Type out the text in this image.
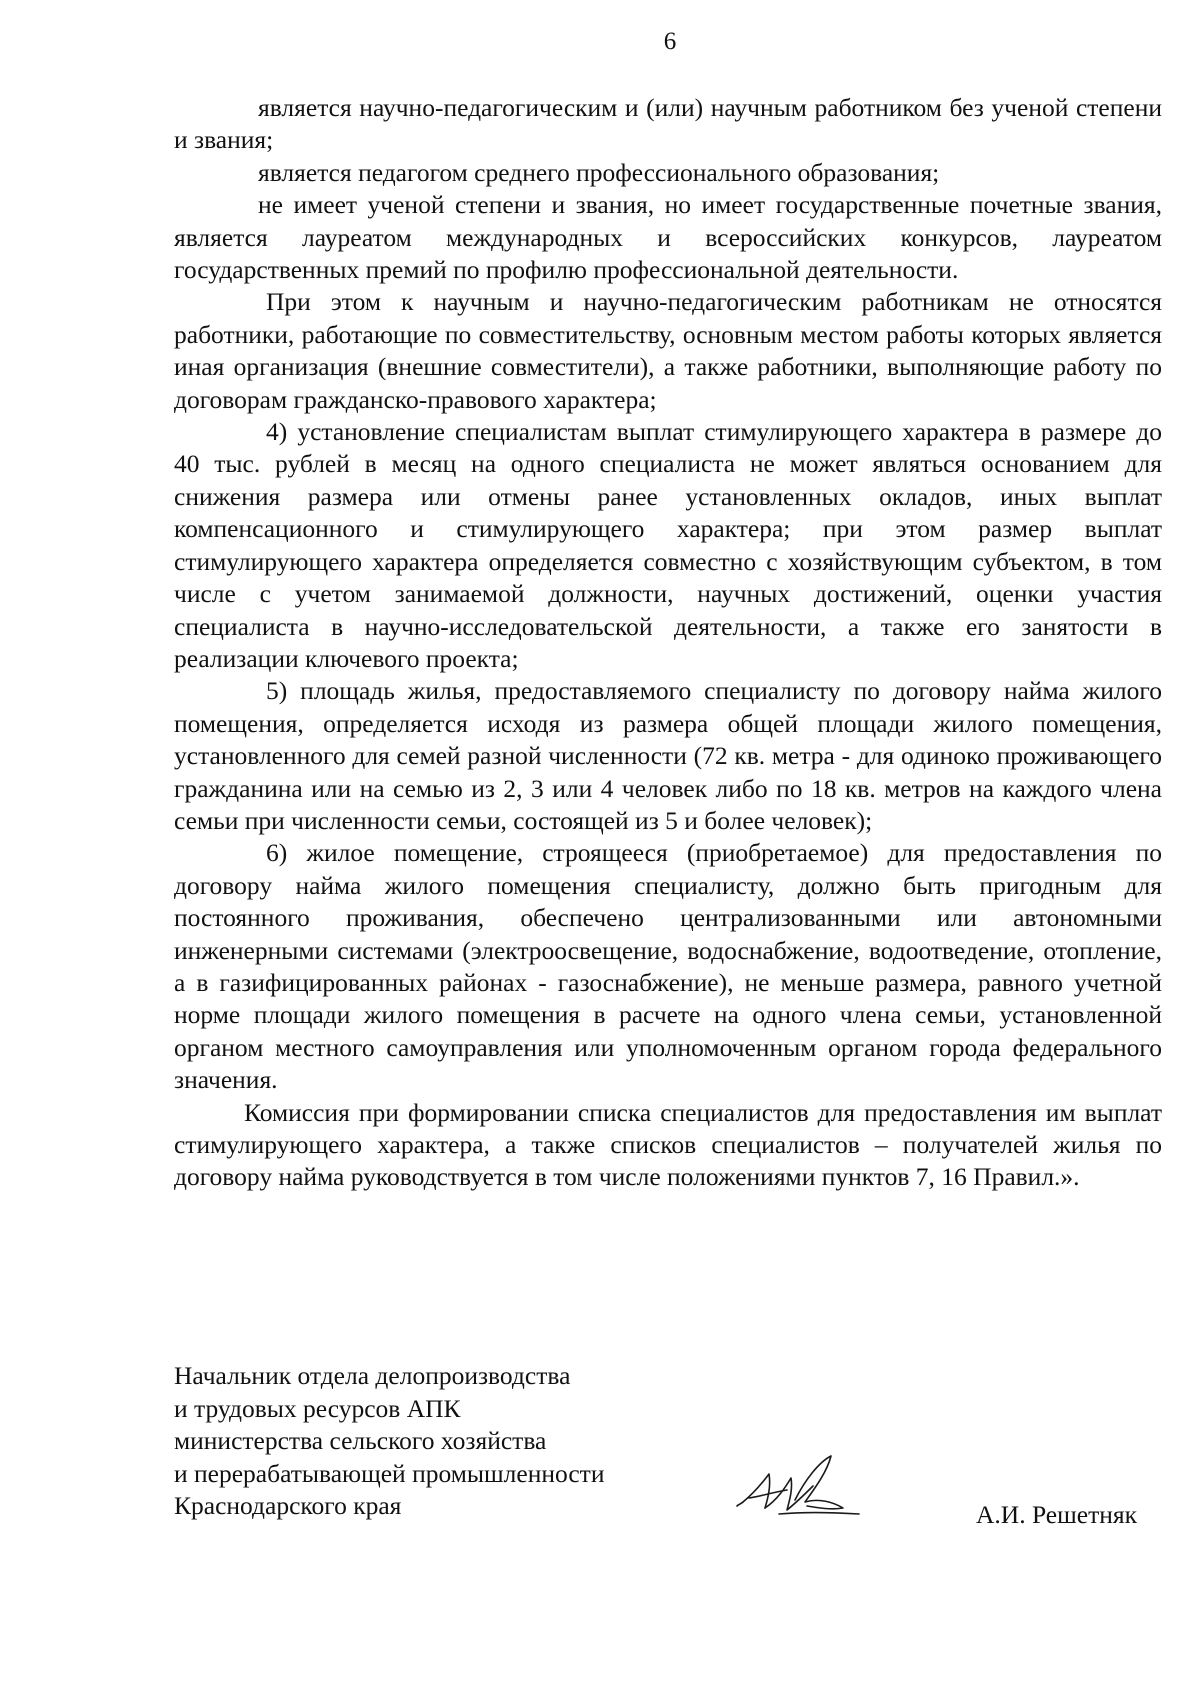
6

является научно-педагогическим и (или) научным работником без ученой степени и звания;

является педагогом среднего профессионального образования;

не имеет ученой степени и звания, но имеет государственные почетные звания, является лауреатом международных и всероссийских конкурсов, лауреатом государственных премий по профилю профессиональной деятельности.

При этом к научным и научно-педагогическим работникам не относятся работники, работающие по совместительству, основным местом работы которых является иная организация (внешние совместители), а также работники, выполняющие работу по договорам гражданско-правового характера;

4) установление специалистам выплат стимулирующего характера в размере до 40 тыс. рублей в месяц на одного специалиста не может являться основанием для снижения размера или отмены ранее установленных окладов, иных выплат компенсационного и стимулирующего характера; при этом размер выплат стимулирующего характера определяется совместно с хозяйствующим субъектом, в том числе с учетом занимаемой должности, научных достижений, оценки участия специалиста в научно-исследовательской деятельности, а также его занятости в реализации ключевого проекта;

5) площадь жилья, предоставляемого специалисту по договору найма жилого помещения, определяется исходя из размера общей площади жилого помещения, установленного для семей разной численности (72 кв. метра - для одиноко проживающего гражданина или на семью из 2, 3 или 4 человек либо по 18 кв. метров на каждого члена семьи при численности семьи, состоящей из 5 и более человек);

6) жилое помещение, строящееся (приобретаемое) для предоставления по договору найма жилого помещения специалисту, должно быть пригодным для постоянного проживания, обеспечено централизованными или автономными инженерными системами (электроосвещение, водоснабжение, водоотведение, отопление, а в газифицированных районах - газоснабжение), не меньше размера, равного учетной норме площади жилого помещения в расчете на одного члена семьи, установленной органом местного самоуправления или уполномоченным органом города федерального значения.

Комиссия при формировании списка специалистов для предоставления им выплат стимулирующего характера, а также списков специалистов – получателей жилья по договору найма руководствуется в том числе положениями пунктов 7, 16 Правил.».

Начальник отдела делопроизводства
и трудовых ресурсов АПК
министерства сельского хозяйства
и перерабатывающей промышленности
Краснодарского края	А.И. Решетняк
